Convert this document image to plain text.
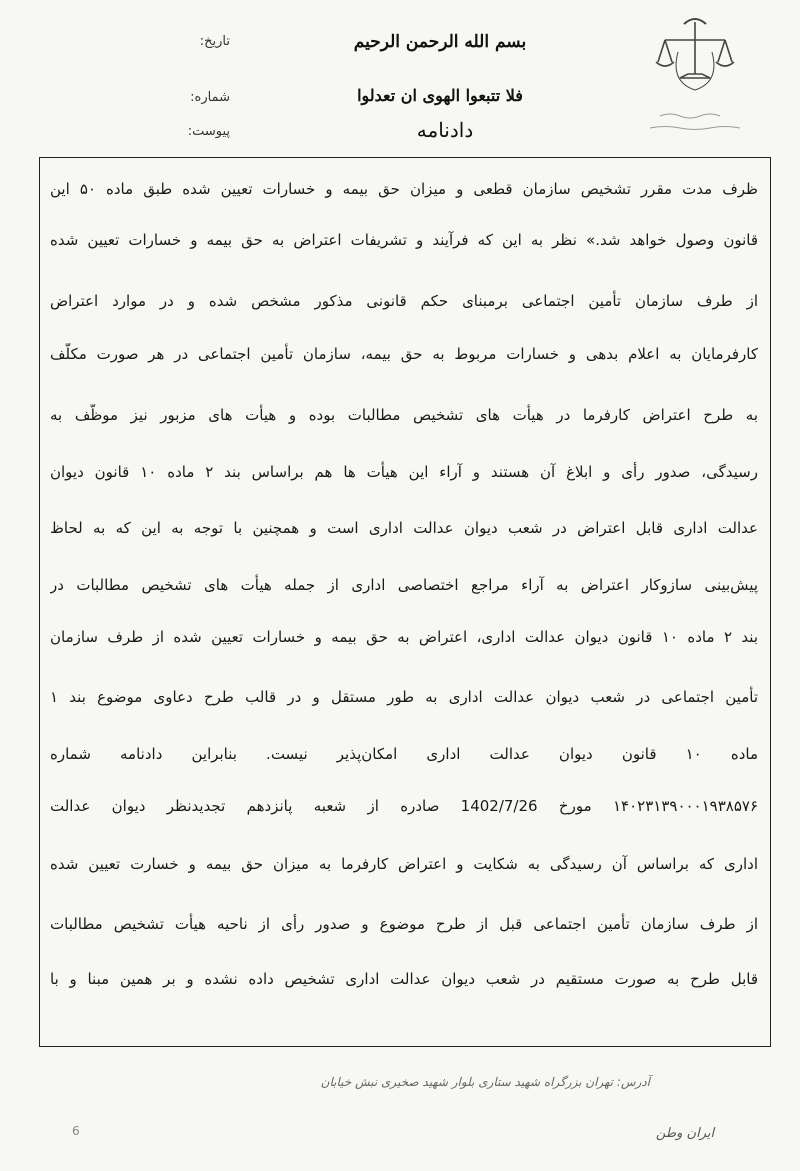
بسم الله الرحمن الرحیم
فلا تتبعوا الهوی ان تعدلوا
دادنامه
تاریخ:
شماره:
پیوست:
ظرف مدت مقرر تشخیص سازمان قطعی و میزان حق بیمه و خسارات تعیین شده طبق ماده ۵۰ این
قانون وصول خواهد شد.» نظر به این که فرآیند و تشریفات اعتراض به حق بیمه و خسارات تعیین شده
از طرف سازمان تأمین اجتماعی برمبنای حکم قانونی مذکور مشخص شده و در موارد اعتراض
کارفرمایان به اعلام بدهی و خسارات مربوط به حق بیمه، سازمان تأمین اجتماعی در هر صورت مکلّف
به طرح اعتراض کارفرما در هیأت های تشخیص مطالبات بوده و هیأت های مزبور نیز موظّف به
رسیدگی، صدور رأی و ابلاغ آن هستند و آراء این هیأت ها هم براساس بند ۲ ماده ۱۰ قانون دیوان
عدالت اداری قابل اعتراض در شعب دیوان عدالت اداری است و همچنین با توجه به این که به لحاظ
پیش‌بینی سازوکار اعتراض به آراء مراجع اختصاصی اداری از جمله هیأت های تشخیص مطالبات در
بند ۲ ماده ۱۰ قانون دیوان عدالت اداری، اعتراض به حق بیمه و خسارات تعیین شده از طرف سازمان
تأمین اجتماعی در شعب دیوان عدالت اداری به طور مستقل و در قالب طرح دعاوی موضوع بند ۱
ماده ۱۰ قانون دیوان عدالت اداری امکان‌پذیر نیست. بنابراین دادنامه شماره
۱۴۰۲۳۱۳۹۰۰۰۱۹۳۸۵۷۶ مورخ 1402/7/26 صادره از شعبه پانزدهم تجدیدنظر دیوان عدالت
اداری که براساس آن رسیدگی به شکایت و اعتراض کارفرما به میزان حق بیمه و خسارت تعیین شده
از طرف سازمان تأمین اجتماعی قبل از طرح موضوع و صدور رأی از ناحیه هیأت تشخیص مطالبات
قابل طرح به صورت مستقیم در شعب دیوان عدالت اداری تشخیص داده نشده و بر همین مبنا و با
آدرس: تهران بزرگراه شهید ستاری بلوار شهید صخیری نبش خیابان
ایران وطن
6
